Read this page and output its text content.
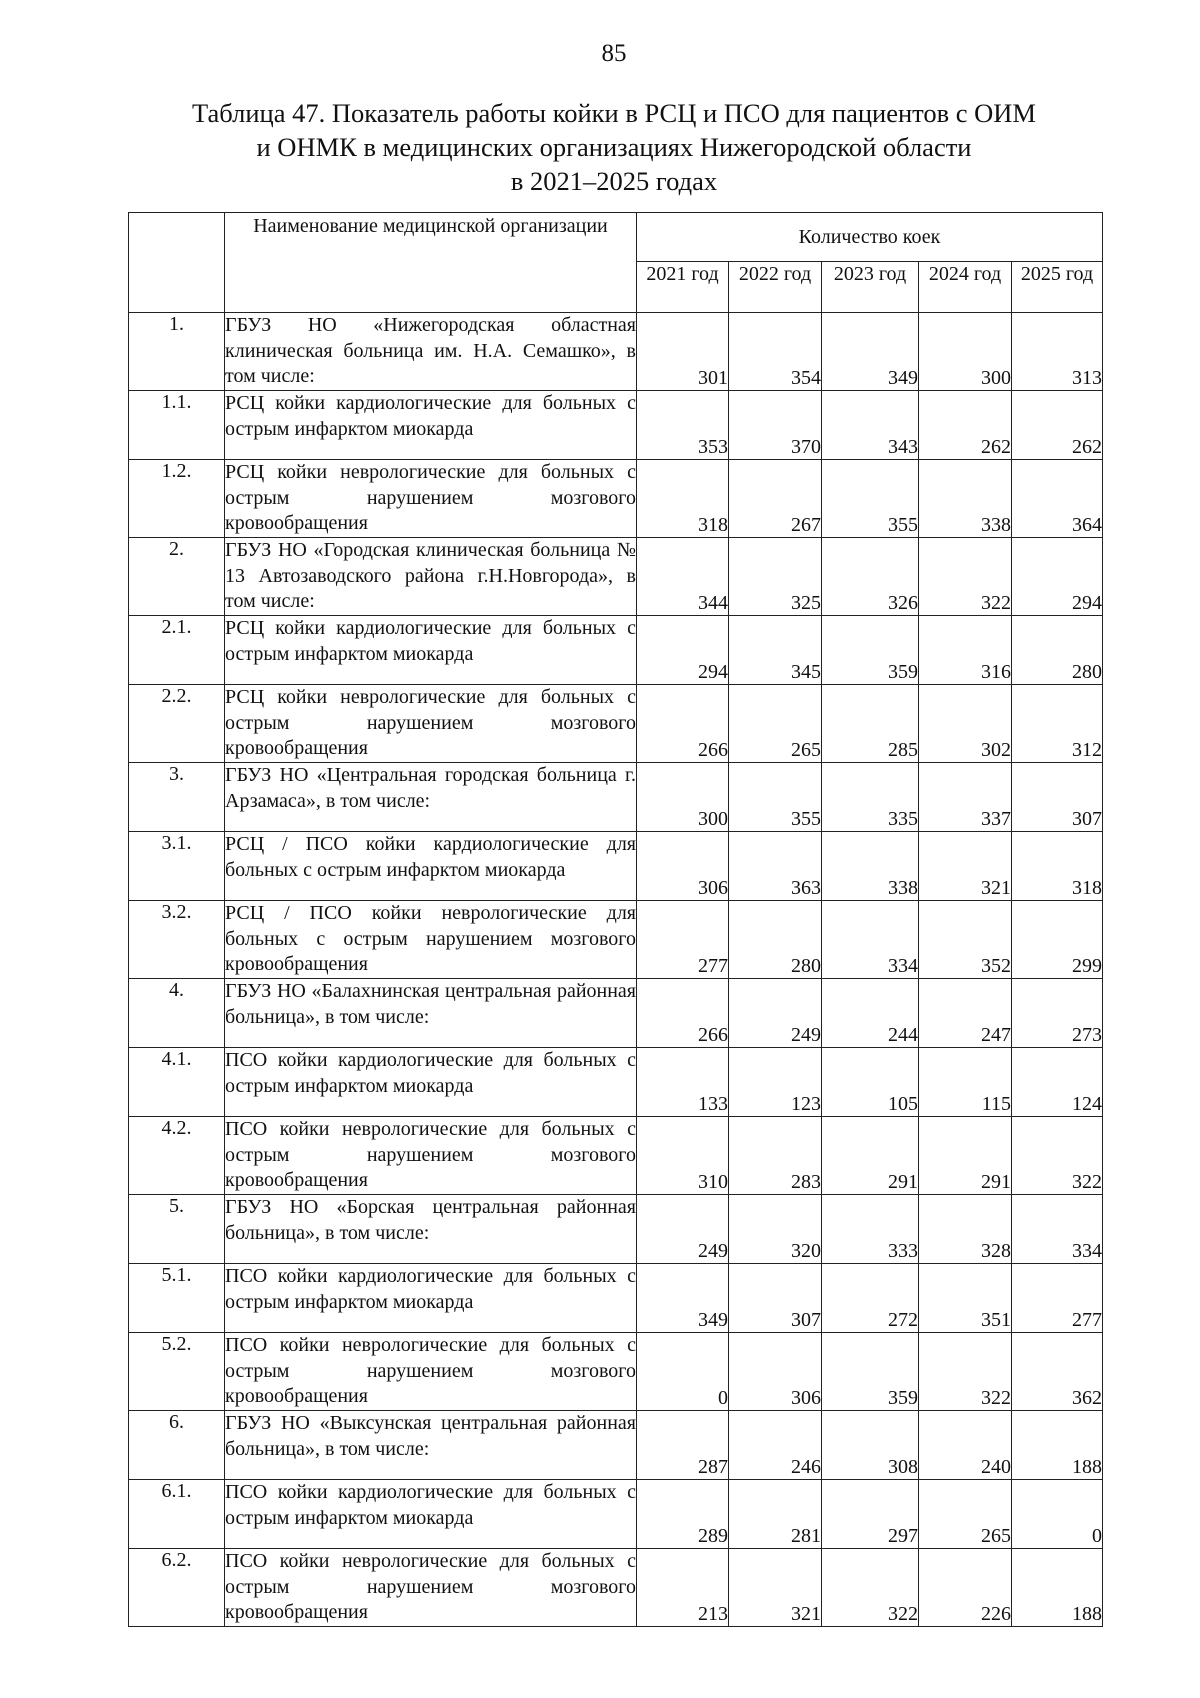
85
Таблица 47. Показатель работы койки в РСЦ и ПСО для пациентов с ОИМ
и ОНМК в медицинских организациях Нижегородской области
в 2021–2025 годах
	Наименование медицинской организации	Количество коек				
		2021 год	2022 год	2023 год	2024 год	2025 год
1.	ГБУЗ НО «Нижегородская областная клиническая больница им. Н.А. Семашко», в том числе:	301	354	349	300	313
1.1.	РСЦ койки кардиологические для больных с острым инфарктом миокарда	353	370	343	262	262
1.2.	РСЦ койки неврологические для больных с острым нарушением мозгового кровообращения	318	267	355	338	364
2.	ГБУЗ НО «Городская клиническая больница № 13 Автозаводского района г.Н.Новгорода», в том числе:	344	325	326	322	294
2.1.	РСЦ койки кардиологические для больных с острым инфарктом миокарда	294	345	359	316	280
2.2.	РСЦ койки неврологические для больных с острым нарушением мозгового кровообращения	266	265	285	302	312
3.	ГБУЗ НО «Центральная городская больница г. Арзамаса», в том числе:	300	355	335	337	307
3.1.	РСЦ / ПСО койки кардиологические для больных с острым инфарктом миокарда	306	363	338	321	318
3.2.	РСЦ / ПСО койки неврологические для больных с острым нарушением мозгового кровообращения	277	280	334	352	299
4.	ГБУЗ НО «Балахнинская центральная районная больница», в том числе:	266	249	244	247	273
4.1.	ПСО койки кардиологические для больных с острым инфарктом миокарда	133	123	105	115	124
4.2.	ПСО койки неврологические для больных с острым нарушением мозгового кровообращения	310	283	291	291	322
5.	ГБУЗ НО «Борская центральная районная больница», в том числе:	249	320	333	328	334
5.1.	ПСО койки кардиологические для больных с острым инфарктом миокарда	349	307	272	351	277
5.2.	ПСО койки неврологические для больных с острым нарушением мозгового кровообращения	0	306	359	322	362
6.	ГБУЗ НО «Выксунская центральная районная больница», в том числе:	287	246	308	240	188
6.1.	ПСО койки кардиологические для больных с острым инфарктом миокарда	289	281	297	265	0
6.2.	ПСО койки неврологические для больных с острым нарушением мозгового кровообращения	213	321	322	226	188
